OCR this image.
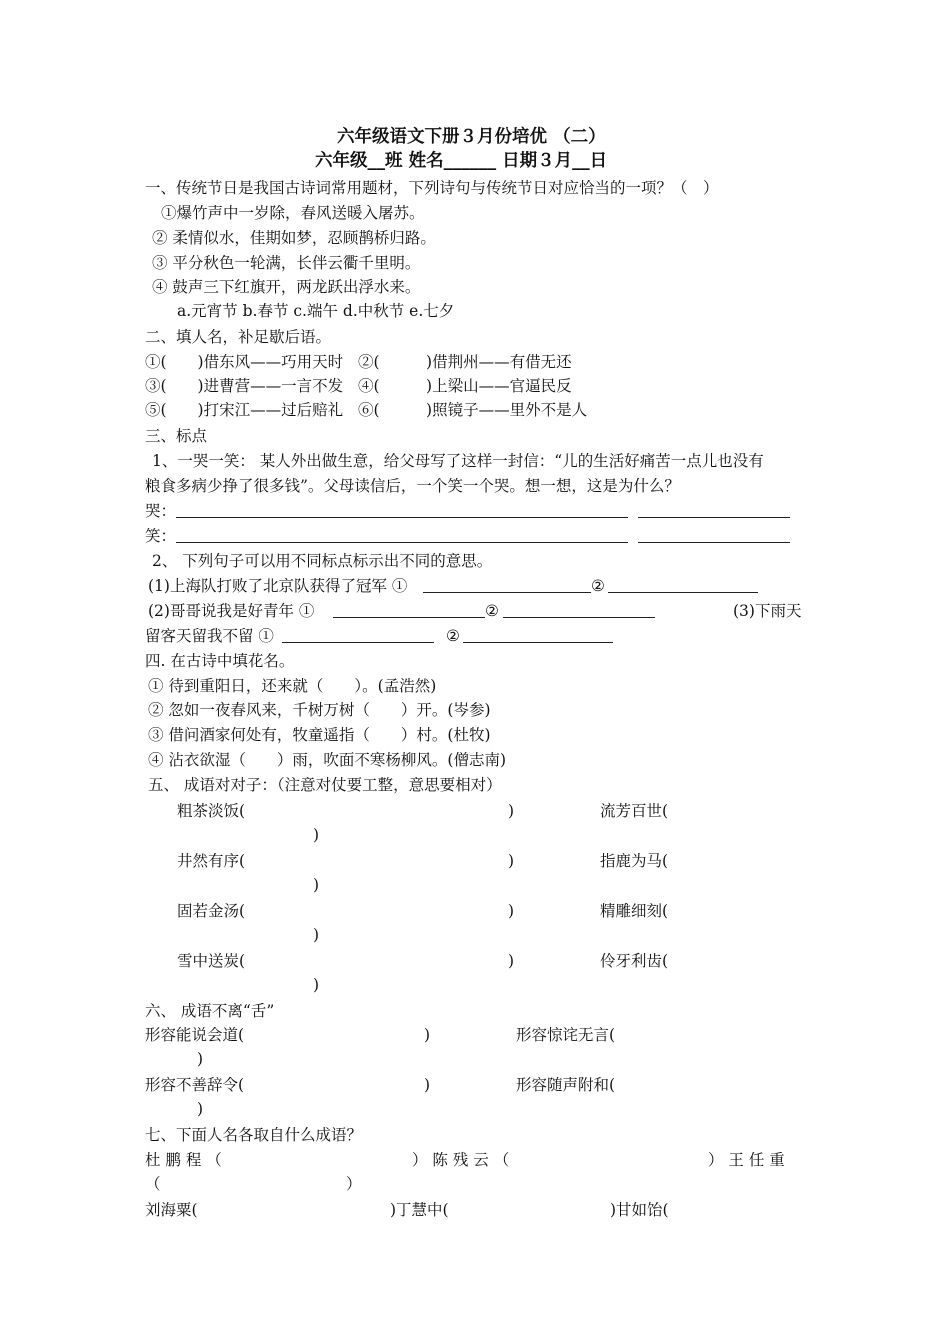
六年级语文下册３月份培优 （二）
六年级__班 姓名______ 日期３月__日
一、传统节日是我国古诗词常用题材，下列诗句与传统节日对应恰当的一项？（　）
①爆竹声中一岁除，春风送暖入屠苏。
② 柔情似水，佳期如梦，忍顾鹊桥归路。
③ 平分秋色一轮满，长伴云衢千里明。
④ 鼓声三下红旗开，两龙跃出浮水来。
a.元宵节 b.春节 c.端午 d.中秋节 e.七夕
二、填人名，补足歇后语。
①(　　)借东风——巧用天时 ②(　　　)借荆州——有借无还
③(　　)进曹营——一言不发 ④(　　　)上梁山——官逼民反
⑤(　　)打宋江——过后赔礼 ⑥(　　　)照镜子——里外不是人
三、标点
1、一哭一笑： 某人外出做生意，给父母写了这样一封信：“儿的生活好痛苦一点儿也没有
粮食多病少挣了很多钱”。父母读信后，一个笑一个哭。想一想，这是为什么？
哭：
笑：
2、 下列句子可以用不同标点标示出不同的意思。
(1)上海队打败了北京队获得了冠军 ①	②
(2)哥哥说我是好青年 ①	②	(3)下雨天
留客天留我不留 ①	②
四. 在古诗中填花名。
① 待到重阳日，还来就（　　）。(孟浩然)
② 忽如一夜春风来，千树万树（　　）开。(岑参)
③ 借问酒家何处有，牧童遥指（　　）村。(杜牧)
④ 沾衣欲湿（　　）雨，吹面不寒杨柳风。(僧志南)
五、 成语对对子：（注意对仗要工整，意思要相对）
粗茶淡饭(	)	流芳百世(
)
井然有序(	)	指鹿为马(
)
固若金汤(	)	精雕细刻(
)
雪中送炭(	)	伶牙利齿(
)
六、 成语不离“舌”
形容能说会道(	)	形容惊诧无言(
)
形容不善辞令(	)	形容随声附和(
)
七、下面人名各取自什么成语？
杜 鹏 程 （	） 陈 残 云 （	） 王 任 重
（	）
刘海粟(	)丁慧中(	)甘如饴(
